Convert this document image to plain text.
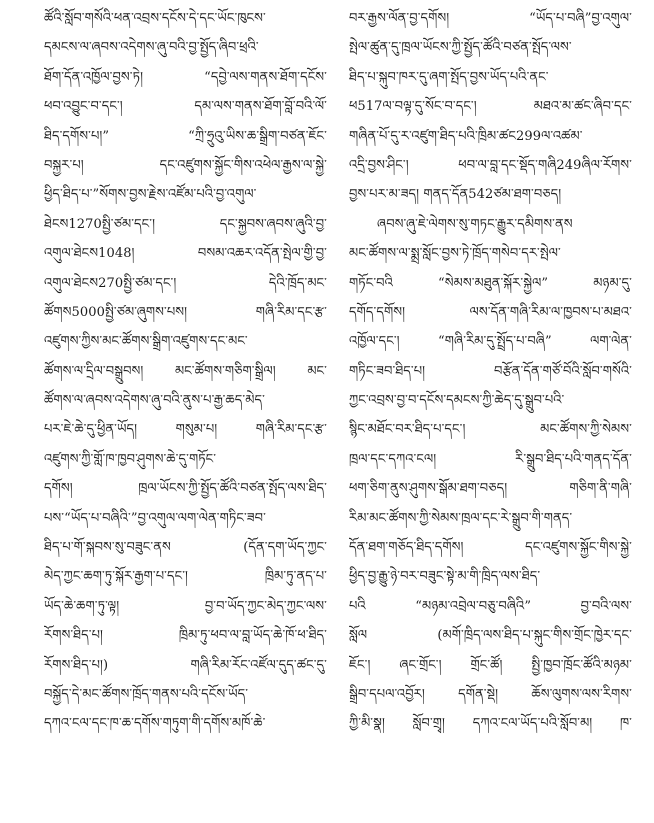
ཚོའི་སློབ་གསོའི་ཕན་འབྲས་དངོས་དེ་དང་ཡོང་ཁུངས་
དམངས་ལ་ཞབས་འདེགས་ཞུ་བའི་བྱ་སྤྱོད་ཞིབ་ཕྲའི་
ཐོག་དོན་འཁྱོལ་བྱས་ཏེ། “དབྱེ་ལས་གནས་ཐོག་དངོས་
ཕབ་འབྱུང་བ་དང་། དམ་ལས་གནས་ཐོག་བློ་བའི་ལོ་
ཐིད་དགོས་པ།” “ཀྲི་ཧྲུའུ་ཡིས་ཆ་སྒྲིག་བཙན་ཇོང་
བསྐྱར་པ། དང་འཛུགས་སྐྱོང་གིས་འཕེལ་རྒྱས་ལ་སྐྱེ་
ཕྱིད་ཐིད་པ་”སོགས་བྱས་རྗེས་འཛོམ་པའི་བྱ་འགུལ་
ཐེངས1270སྤྱི་ཙམ་དང་། དང་སྐྱབས་ཞབས་ཞུའི་བྱ་
འགུལ་ཐེངས1048། བསམ་འཆར་འདོན་སྤེལ་གྱི་བྱ་
འགུལ་ཐེངས270སྤྱི་ཙམ་དང་། དེའི་ཁྲོད་མང་
ཚོགས5000སྤྱི་ཙམ་ཞུགས་པས། གཞི་རིམ་དང་རྩ་
འཛུགས་ཀྱིས་མང་ཚོགས་སྒྲིག་འཛུགས་དང་མང་
ཚོགས་ལ་དྲིལ་བསྒྲུབས། མང་ཚོགས་གཅིག་སྒྲིལ། མང་
ཚོགས་ལ་ཞབས་འདེགས་ཞུ་བའི་ནུས་པ་རྒྱ་ཆད་མེད་
པར་ཇེ་ཆེ་དུ་ཕྱིན་ཡོད། གསུམ་པ། གཞི་རིམ་དང་རྩ་
འཛུགས་ཀྱི་གློ་ཁ་ཁྱབ་ཤུགས་ཆེ་དུ་གཏོང་
དགོས། ཁྲལ་ཡོངས་ཀྱི་སྤྱོད་ཚོའི་བཙན་སྤོད་ལས་ཐིད་
པས་“ཡོད་པ་བཞིའི་”བྱ་འགུལ་ལག་ལེན་གཏིང་ཟབ་
ཐིད་པ་གོ་སྐབས་སུ་བཟུང་ནས (དོན་དག་ཡོད་ཀྱང་
མེད་ཀྱང་ཆག་ཏུ་སྐོར་རྒྱག་པ་དང་། ཁྲིམ་ཏུ་ནད་པ་
ཡོད་ཆེ་ཆག་ཏུ་ལྟ། བྱ་བ་ཡོད་ཀྱང་མེད་ཀྱང་ལས་
རོགས་ཐིད་པ། ཁྲིམ་ཏུ་ཕབ་ལ་བླ་ཡོད་ཆེ་ཁོ་ཕ་ཐིད་
རོགས་ཐིད་པ།) གཞི་རིམ་རོང་འཛོལ་དུད་ཚང་དུ་
བསྐྱོད་དེ་མང་ཚོགས་ཁྲོད་གནས་པའི་དངོས་ཡོད་
དཀའ་ངལ་དང་ཁ་ཆ་དགོས་གཏུག་གི་དགོས་མཁོ་ཆེ་
བར་རྒྱས་ལོན་བྱ་དགོས། “ཡོད་པ་བཞི”བྱ་འགུལ་
སྤེལ་ཚུན་དུ་ཁྲལ་ཡོངས་ཀྱི་སྤྱོད་ཚོའི་བཙན་སྤོད་ལས་
ཐིད་པ་སྐུབ་ཁར་དུ་ཞག་སྤོད་བྱས་ཡོད་པའི་ནང་
ཕ517ལ་བལྟ་དུ་སོང་བ་དང་། མཐའ་མ་ཚང་ཞིབ་དང་
གཞིན་པོ་དུ་ར་འཛུག་ཐིད་པའི་ཁྲིམ་ཚང299ལ་འཚམ་
འདྲི་བྱས་ཤིང་། ཕབ་ལ་བླ་དང་སྡོད་གཞི249ཞིལ་རོགས་
བྱས་པར་མ་ཟད། གནད་དོན542ཙམ་ཐག་བཅད།
ཞབས་ཞུ་ཇེ་ལེགས་སུ་གཏང་རྒྱུར་དམིགས་ནས
མང་ཚོགས་ལ་སྨྲ་སློང་བྱས་ཏེ་ཁྲོད་གསེབ་དར་སྤེལ་
གཏོང་བའི “སེམས་མཐུན་སྐོར་སྐྱེལ” མཉམ་དུ་
དགོད་དགོས། ལས་དོན་གཞི་རིམ་ལ་ཁྱབས་པ་མཐའ་
འཁྱོལ་དང་། “གཞི་རིམ་དུ་སྤྲོད་པ་བཞི” ལག་ལེན་
གཏིང་ཟབ་ཐིད་པ། བརྩོན་དོན་གཙོ་བོའི་སློབ་གསོའི་
ཀྱང་འབྲས་བྱ་བ་དངོས་དམངས་ཀྱི་ཆེད་དུ་སྒྲུབ་པའི་
སྙིང་མཐོང་བར་ཐིད་པ་དང་། མང་ཚོགས་ཀྱི་སེམས་
ཁྲལ་དང་དཀའ་ངལ། རི་སྒྲུབ་ཐིད་པའི་གནད་དོན་
ཕག་ཅིག་ནུས་ཤུགས་སྒོམ་ཐག་བཅད། གཅིག་ནི་གཞི་
རིམ་མང་ཚོགས་ཀྱི་སེམས་ཁྲལ་དང་རེ་སྒྲུབ་གི་གནད་
དོན་ཐག་གཅོད་ཐིད་དགོས། དང་འཛུགས་སྐྱོང་གིས་སྐྱེ་
ཕྱིད་བྱ་རྒྱུ་ཉེ་བར་བཟུང་སྟེ་མ་གི་ཁྲིད་ལས་ཐིད་
པའི “མཉམ་འབྲེལ་བཅུ་བཞིའི” བྱ་བའི་ལས་
སློལ (མགོ་ཁྲིད་ལས་ཐིད་པ་སྐུང་གིས་གྲོང་ཁྱེར་དང་
ཇོང་། ཞང་གྲོང་། གྲོང་ཚོ། སྤྱི་ཁྱབ་ཁྲོང་ཚོའི་མཉམ་
སྒྲིབ་དཔལ་འབྱོར། དགོན་སྡེ། ཆོས་ལུགས་ལས་རིགས་
ཀྱི་མི་སྣ། སློབ་གྲྭ། དཀའ་ངལ་ཡོད་པའི་སློབ་མ། ཁ་
